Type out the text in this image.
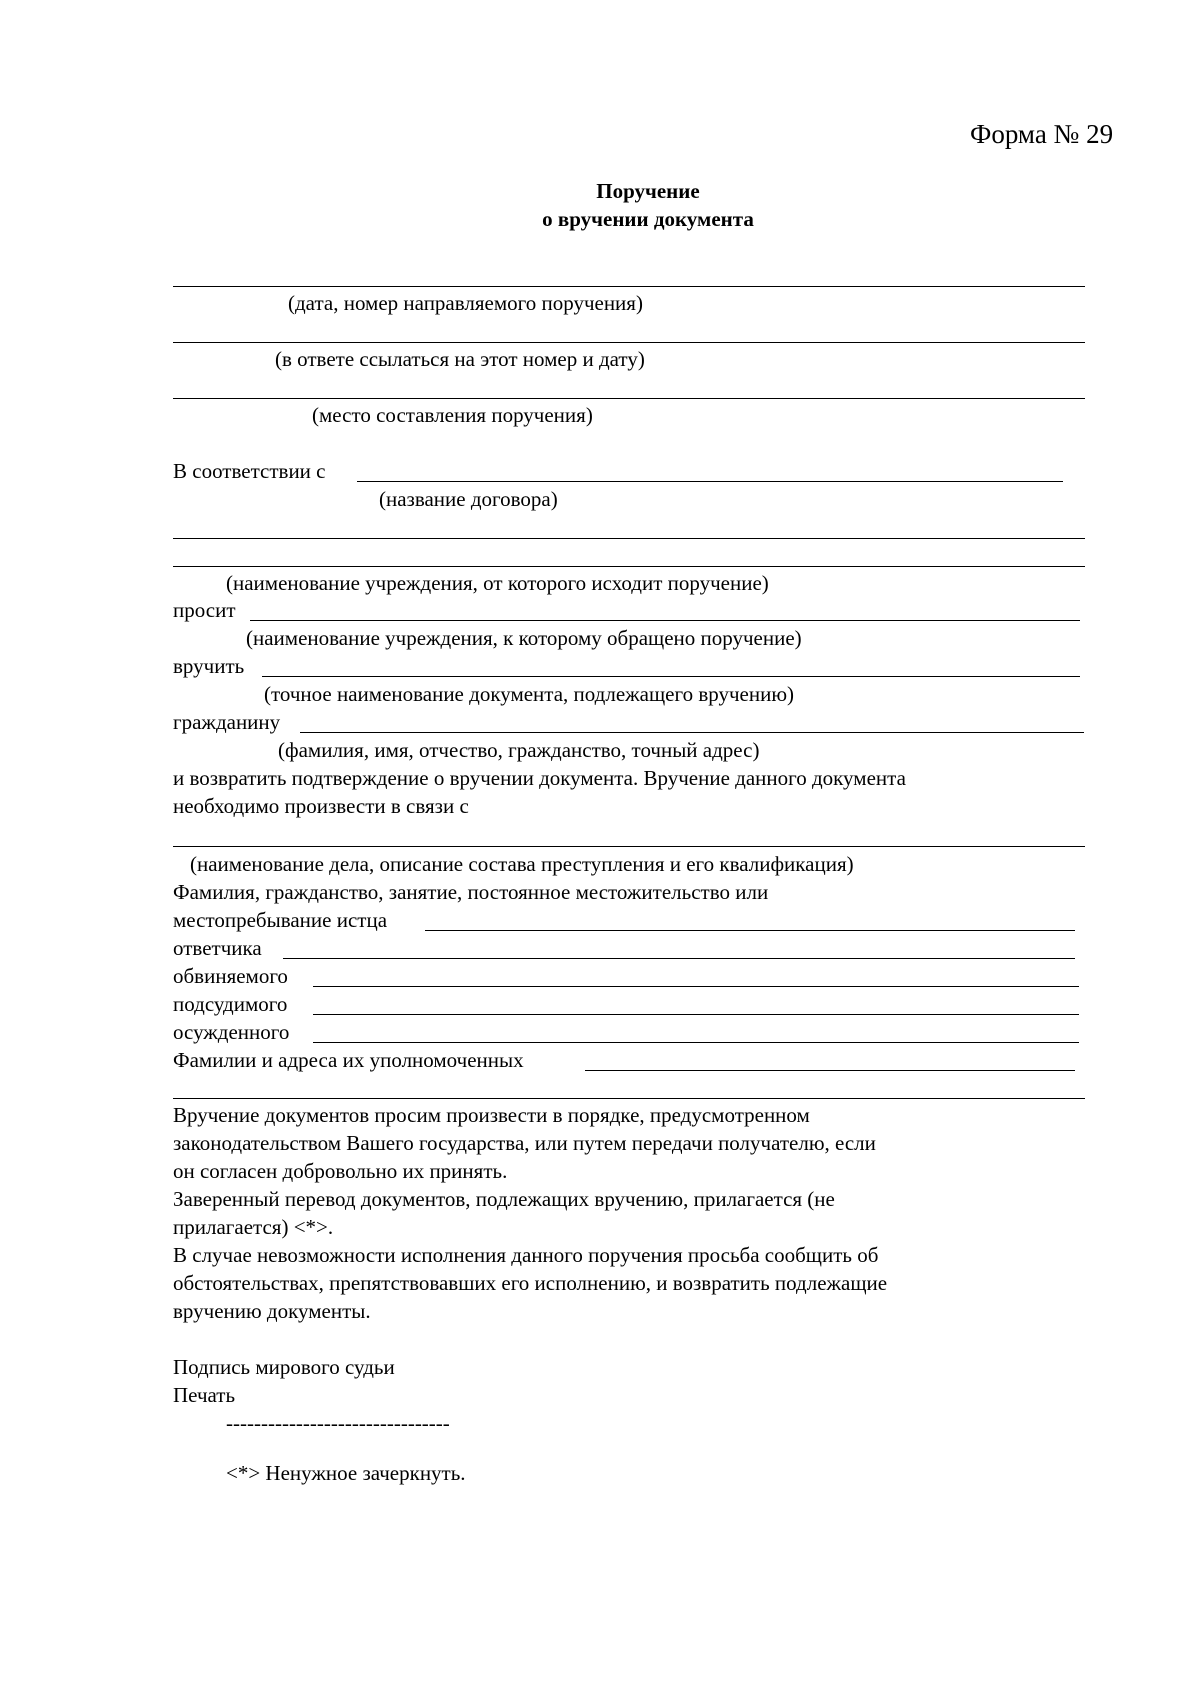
Форма № 29
Поручение
о вручении документа
(дата, номер направляемого поручения)
(в ответе ссылаться на этот номер и дату)
(место составления поручения)
В соответствии с
(название договора)
(наименование учреждения, от которого исходит поручение)
просит
(наименование учреждения, к которому обращено поручение)
вручить
(точное наименование документа, подлежащего вручению)
гражданину
(фамилия, имя, отчество, гражданство, точный адрес)
и возвратить подтверждение о вручении документа. Вручение данного документа
необходимо произвести в связи с
(наименование дела, описание состава преступления и его квалификация)
Фамилия, гражданство, занятие, постоянное местожительство или
местопребывание истца
ответчика
обвиняемого
подсудимого
осужденного
Фамилии и адреса их уполномоченных
Вручение документов просим произвести в порядке, предусмотренном
законодательством Вашего государства, или путем передачи получателю, если
он согласен добровольно их принять.
Заверенный перевод документов, подлежащих вручению, прилагается (не
прилагается) <*>.
В случае невозможности исполнения данного поручения просьба сообщить об
обстоятельствах, препятствовавших его исполнению, и возвратить подлежащие
вручению документы.
Подпись мирового судьи
Печать
--------------------------------
<*> Ненужное зачеркнуть.
